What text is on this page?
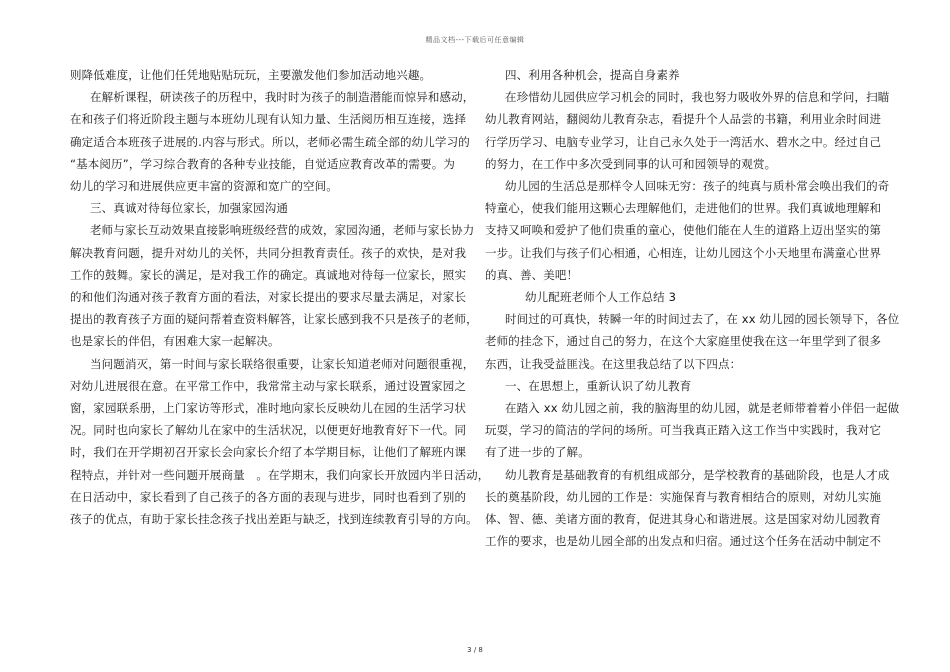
精品文档---下载后可任意编辑

则降低难度，让他们任凭地贴贴玩玩，主要激发他们参加活动地兴趣。

在解析课程，研读孩子的历程中，我时时为孩子的制造潜能而惊异和感动，

在和孩子们将近阶段主题与本班幼儿现有认知力量、生活阅历相互连接，选择

确定适合本班孩子进展的.内容与形式。所以，老师必需生疏全部的幼儿学习的

“基本阅历”，学习综合教育的各种专业技能，自觉适应教育改革的需要。为

幼儿的学习和进展供应更丰富的资源和宽广的空间。

三、真诚对待每位家长，加强家园沟通

老师与家长互动效果直接影响班级经营的成效，家园沟通，老师与家长协力

解决教育问题，提升对幼儿的关怀，共同分担教育责任。孩子的欢快，是对我

工作的鼓舞。家长的满足，是对我工作的确定。真诚地对待每一位家长，照实

的和他们沟通对孩子教育方面的看法，对家长提出的要求尽量去满足，对家长

提出的教育孩子方面的疑问帮着查资料解答，让家长感到我不只是孩子的老师，

也是家长的伴侣，有困难大家一起解决。

当问题消灭，第一时间与家长联络很重要，让家长知道老师对问题很重视，

对幼儿进展很在意。在平常工作中，我常常主动与家长联系，通过设置家园之

窗，家园联系册，上门家访等形式，准时地向家长反映幼儿在园的生活学习状

况。同时也向家长了解幼儿在家中的生活状况，以便更好地教育好下一代。同

时，我们在开学期初召开家长会向家长介绍了本学期目标，让他们了解班内课

程特点，并针对一些问题开展商量　。在学期末，我们向家长开放园内半日活动，

在日活动中，家长看到了自己孩子的各方面的表现与进步，同时也看到了别的

孩子的优点，有助于家长挂念孩子找出差距与缺乏，找到连续教育引导的方向。

四、利用各种机会，提高自身素养

在珍惜幼儿园供应学习机会的同时，我也努力吸收外界的信息和学问，扫瞄

幼儿教育网站，翻阅幼儿教育杂志，看提升个人品尝的书籍，利用业余时间进

行学历学习、电脑专业学习，让自己永久处于一湾活水、碧水之中。经过自己

的努力，在工作中多次受到同事的认可和园领导的观赏。

幼儿园的生活总是那样令人回味无穷：孩子的纯真与质朴常会唤出我们的奇

特童心，使我们能用这颗心去理解他们，走进他们的世界。我们真诚地理解和

支持又呵唤和爱护了他们贵重的童心，使他们能在人生的道路上迈出坚实的第

一步。让我们与孩子们心相通，心相连，让幼儿园这个小天地里布满童心世界

的真、善、美吧！

幼儿配班老师个人工作总结 3

时间过的可真快，转瞬一年的时间过去了，在 xx 幼儿园的园长领导下，各位

老师的挂念下，通过自己的努力，在这个大家庭里使我在这一年里学到了很多

东西，让我受益匪浅。在这里我总结了以下四点：

一、在思想上，重新认识了幼儿教育

在踏入 xx 幼儿园之前，我的脑海里的幼儿园，就是老师带着着小伴侣一起做

玩耍，学习的简洁的学问的场所。可当我真正踏入这工作当中实践时，我对它

有了进一步的了解。

幼儿教育是基础教育的有机组成部分，是学校教育的基础阶段，也是人才成

长的奠基阶段，幼儿园的工作是：实施保育与教育相结合的原则，对幼儿实施

体、智、德、美诸方面的教育，促进其身心和谐进展。这是国家对幼儿园教育

工作的要求，也是幼儿园全部的出发点和归宿。通过这个任务在活动中制定不

3 / 8
